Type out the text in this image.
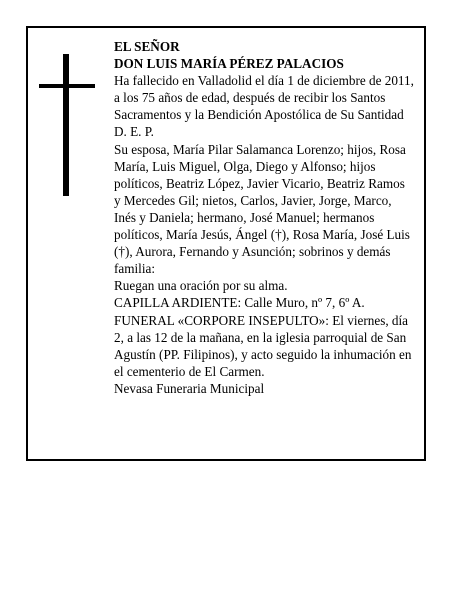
EL SEÑOR

DON LUIS MARÍA PÉREZ PALACIOS

Ha fallecido en Valladolid el día 1 de diciembre de 2011, a los 75 años de edad, después de recibir los Santos Sacramentos y la Bendición Apostólica de Su Santidad

D. E. P.

Su esposa, María Pilar Salamanca Lorenzo; hijos, Rosa María, Luis Miguel, Olga, Diego y Alfonso; hijos políticos, Beatriz López, Javier Vicario, Beatriz Ramos y Mercedes Gil; nietos, Carlos, Javier, Jorge, Marco, Inés y Daniela; hermano, José Manuel; hermanos políticos, María Jesús, Ángel (†), Rosa María, José Luis (†), Aurora, Fernando y Asunción; sobrinos y demás familia:

Ruegan una oración por su alma.

CAPILLA ARDIENTE: Calle Muro, nº 7, 6º A.

FUNERAL «CORPORE INSEPULTO»: El viernes, día 2, a las 12 de la mañana, en la iglesia parroquial de San Agustín (PP. Filipinos), y acto seguido la inhumación en el cementerio de El Carmen.

Nevasa Funeraria Municipal
